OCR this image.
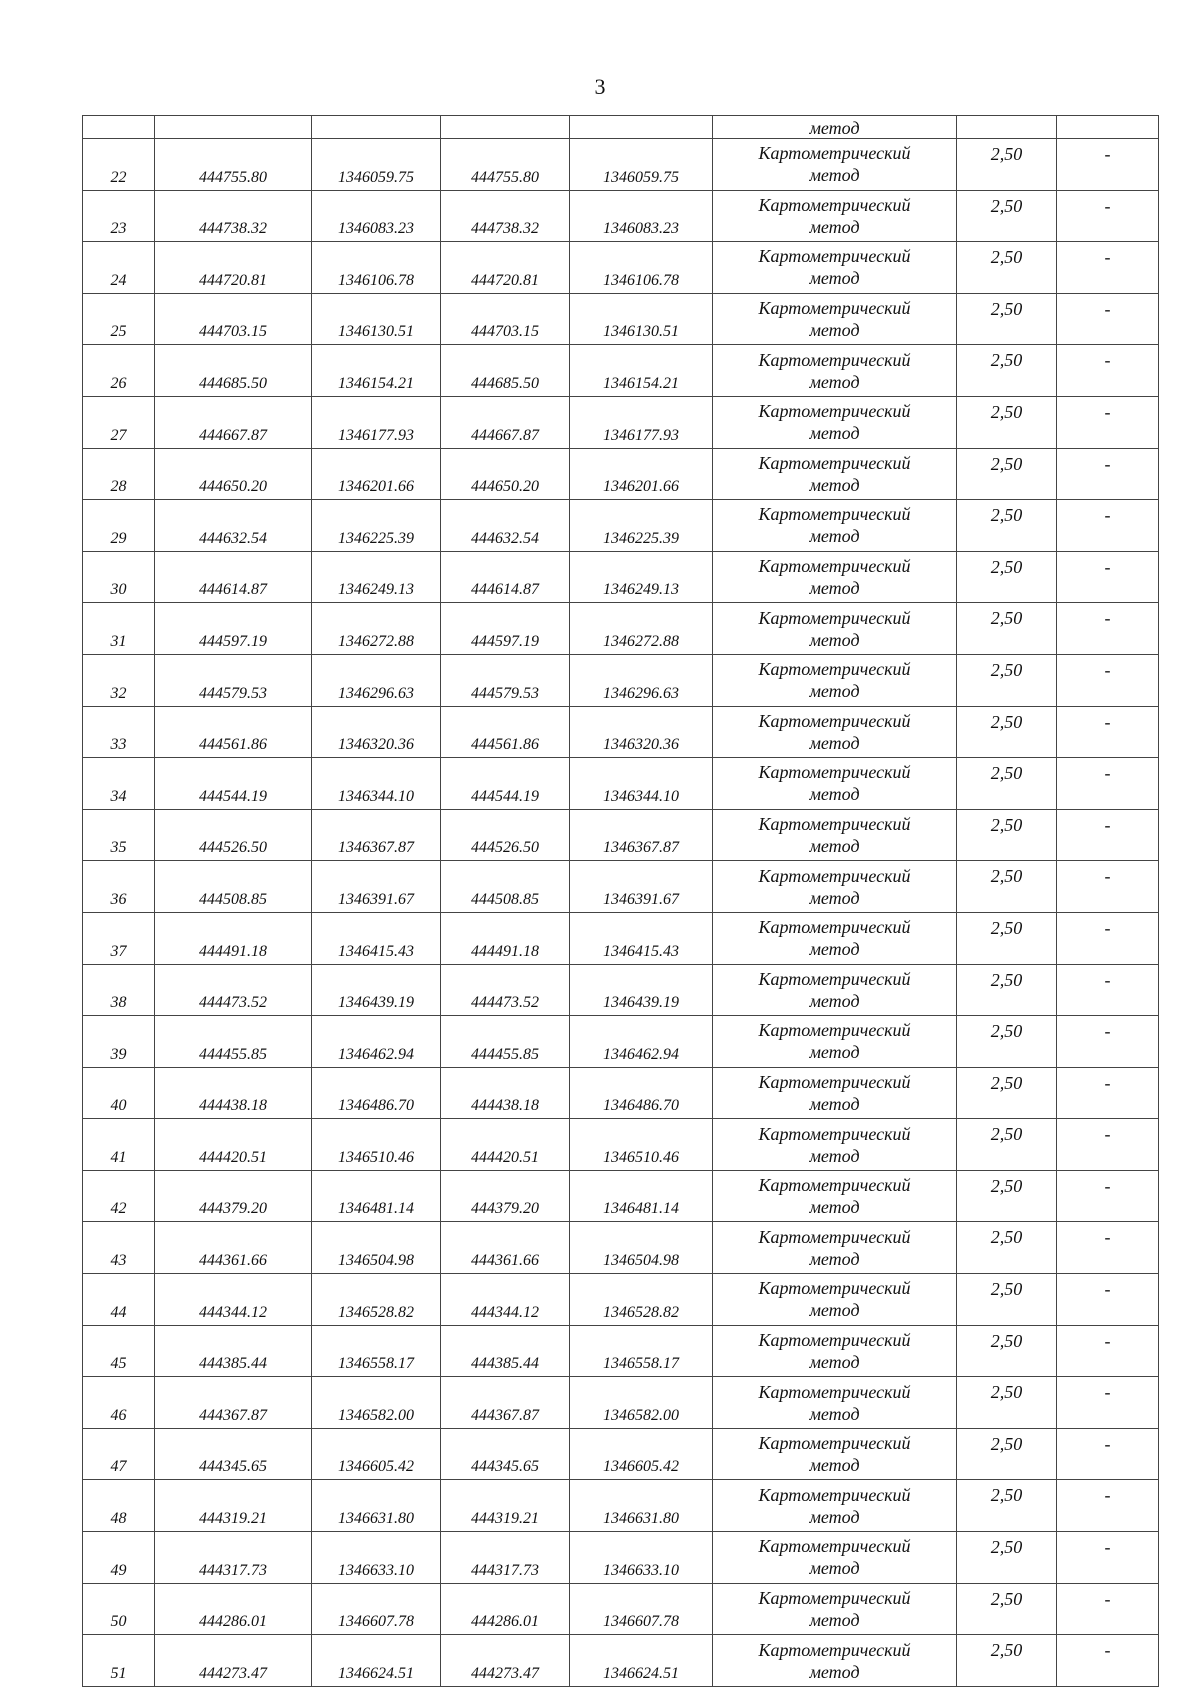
3
					метод		
22	444755.80	1346059.75	444755.80	1346059.75	Картометрический
метод	2,50	-
23	444738.32	1346083.23	444738.32	1346083.23	Картометрический
метод	2,50	-
24	444720.81	1346106.78	444720.81	1346106.78	Картометрический
метод	2,50	-
25	444703.15	1346130.51	444703.15	1346130.51	Картометрический
метод	2,50	-
26	444685.50	1346154.21	444685.50	1346154.21	Картометрический
метод	2,50	-
27	444667.87	1346177.93	444667.87	1346177.93	Картометрический
метод	2,50	-
28	444650.20	1346201.66	444650.20	1346201.66	Картометрический
метод	2,50	-
29	444632.54	1346225.39	444632.54	1346225.39	Картометрический
метод	2,50	-
30	444614.87	1346249.13	444614.87	1346249.13	Картометрический
метод	2,50	-
31	444597.19	1346272.88	444597.19	1346272.88	Картометрический
метод	2,50	-
32	444579.53	1346296.63	444579.53	1346296.63	Картометрический
метод	2,50	-
33	444561.86	1346320.36	444561.86	1346320.36	Картометрический
метод	2,50	-
34	444544.19	1346344.10	444544.19	1346344.10	Картометрический
метод	2,50	-
35	444526.50	1346367.87	444526.50	1346367.87	Картометрический
метод	2,50	-
36	444508.85	1346391.67	444508.85	1346391.67	Картометрический
метод	2,50	-
37	444491.18	1346415.43	444491.18	1346415.43	Картометрический
метод	2,50	-
38	444473.52	1346439.19	444473.52	1346439.19	Картометрический
метод	2,50	-
39	444455.85	1346462.94	444455.85	1346462.94	Картометрический
метод	2,50	-
40	444438.18	1346486.70	444438.18	1346486.70	Картометрический
метод	2,50	-
41	444420.51	1346510.46	444420.51	1346510.46	Картометрический
метод	2,50	-
42	444379.20	1346481.14	444379.20	1346481.14	Картометрический
метод	2,50	-
43	444361.66	1346504.98	444361.66	1346504.98	Картометрический
метод	2,50	-
44	444344.12	1346528.82	444344.12	1346528.82	Картометрический
метод	2,50	-
45	444385.44	1346558.17	444385.44	1346558.17	Картометрический
метод	2,50	-
46	444367.87	1346582.00	444367.87	1346582.00	Картометрический
метод	2,50	-
47	444345.65	1346605.42	444345.65	1346605.42	Картометрический
метод	2,50	-
48	444319.21	1346631.80	444319.21	1346631.80	Картометрический
метод	2,50	-
49	444317.73	1346633.10	444317.73	1346633.10	Картометрический
метод	2,50	-
50	444286.01	1346607.78	444286.01	1346607.78	Картометрический
метод	2,50	-
51	444273.47	1346624.51	444273.47	1346624.51	Картометрический
метод	2,50	-
